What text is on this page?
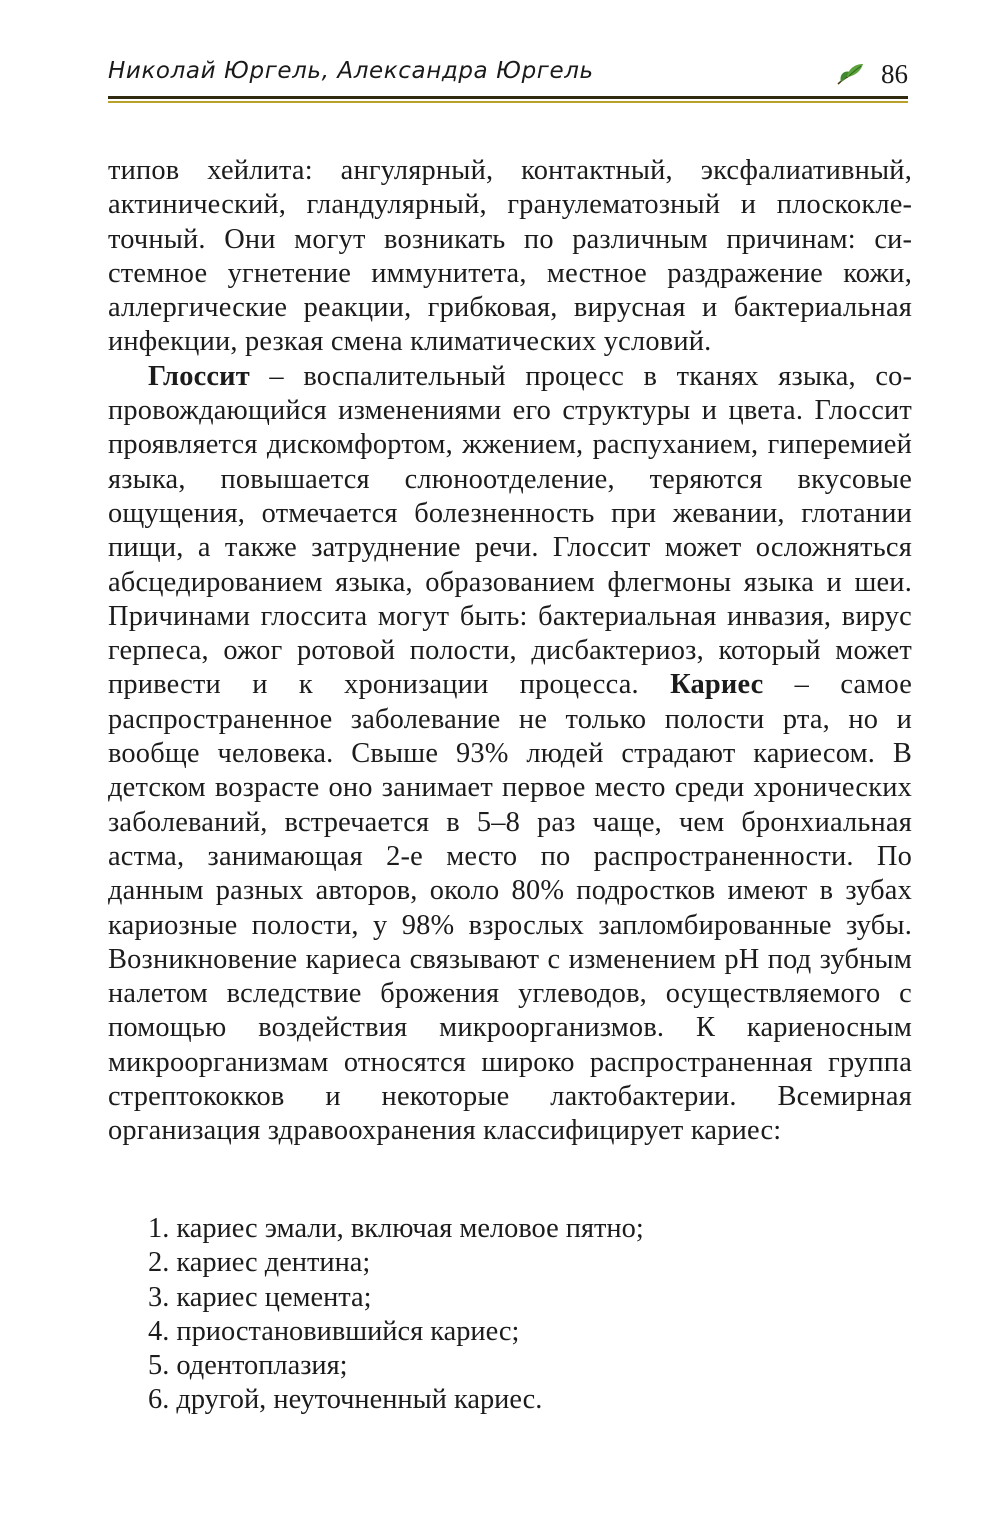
Николай Юргель, Александра Юргель	86

типов хейлита: ангулярный, контактный, эксфалиативный, актинический, гландулярный, гранулематозный и плоскоклеточный. Они могут возникать по различным причинам: системное угнетение иммунитета, местное раздражение кожи, аллергические реакции, грибковая, вирусная и бактериальная инфекции, резкая смена климатических условий.

Глоссит – воспалительный процесс в тканях языка, сопровождающийся изменениями его структуры и цвета. Глоссит проявляется дискомфортом, жжением, распуханием, гиперемией языка, повышается слюноотделение, теряются вкусовые ощущения, отмечается болезненность при жевании, глотании пищи, а также затруднение речи. Глоссит может осложняться абсцедированием языка, образованием флегмоны языка и шеи. Причинами глоссита могут быть: бактериальная инвазия, вирус герпеса, ожог ротовой полости, дисбактериоз, который может привести и к хронизации процесса. Кариес – самое распространенное заболевание не только полости рта, но и вообще человека. Свыше 93% людей страдают кариесом. В детском возрасте оно занимает первое место среди хронических заболеваний, встречается в 5–8 раз чаще, чем бронхиальная астма, занимающая 2-е место по распространенности. По данным разных авторов, около 80% подростков имеют в зубах кариозные полости, у 98% взрослых запломбированные зубы. Возникновение кариеса связывают с изменением pH под зубным налетом вследствие брожения углеводов, осуществляемого с помощью воздействия микроорганизмов. К кариеносным микроорганизмам относятся широко распространенная группа стрептококков и некоторые лактобактерии. Всемирная организация здравоохранения классифицирует кариес:

1. кариес эмали, включая меловое пятно;
2. кариес дентина;
3. кариес цемента;
4. приостановившийся кариес;
5. одентоплазия;
6. другой, неуточненный кариес.
